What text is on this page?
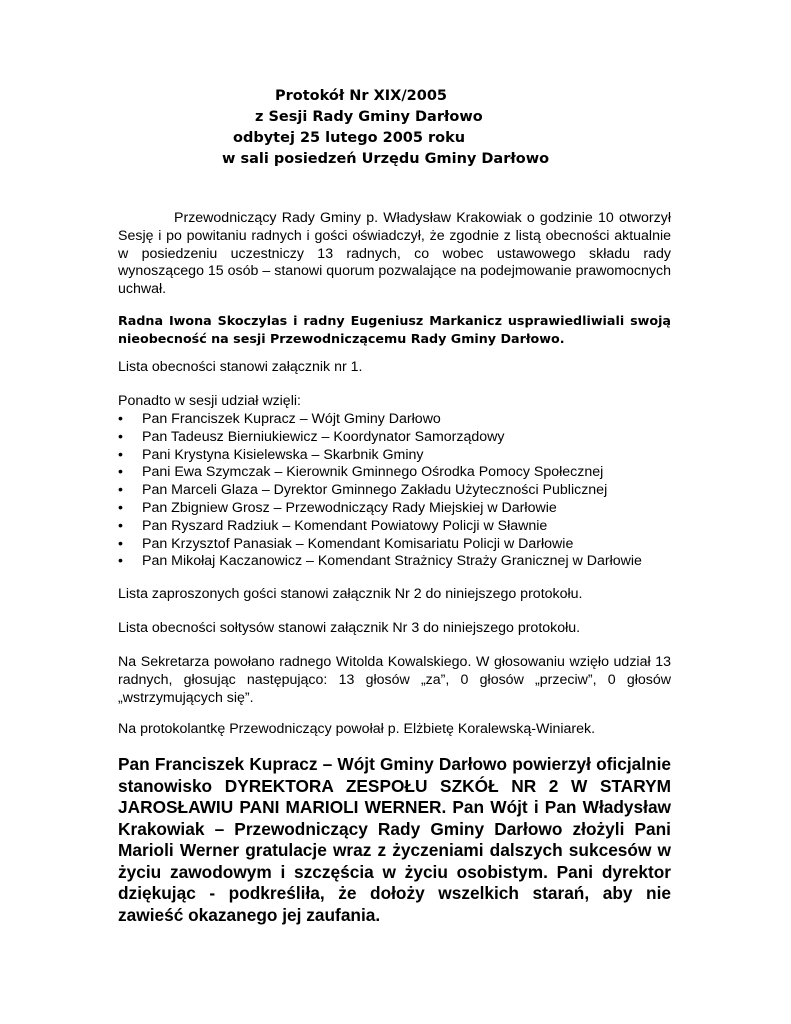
Protokół Nr XIX/2005
z Sesji Rady Gminy Darłowo
odbytej 25 lutego 2005 roku
w sali posiedzeń Urzędu Gminy Darłowo
Przewodniczący Rady Gminy p. Władysław Krakowiak o godzinie 10 otworzył Sesję i po powitaniu radnych i gości oświadczył, że zgodnie z listą obecności aktualnie w posiedzeniu uczestniczy 13 radnych, co wobec ustawowego składu rady wynoszącego 15 osób – stanowi quorum pozwalające na podejmowanie prawomocnych uchwał.
Radna Iwona Skoczylas i radny Eugeniusz Markanicz usprawiedliwiali swoją nieobecność na sesji Przewodniczącemu Rady Gminy Darłowo.
Lista obecności stanowi załącznik nr 1.
Ponadto w sesji udział wzięli:
• Pan Franciszek Kupracz – Wójt Gminy Darłowo
• Pan Tadeusz Bierniukiewicz – Koordynator Samorządowy
• Pani Krystyna Kisielewska – Skarbnik Gminy
• Pani Ewa Szymczak – Kierownik Gminnego Ośrodka Pomocy Społecznej
• Pan Marceli Glaza – Dyrektor Gminnego Zakładu Użyteczności Publicznej
• Pan Zbigniew Grosz – Przewodniczący Rady Miejskiej w Darłowie
• Pan Ryszard Radziuk – Komendant Powiatowy Policji w Sławnie
• Pan Krzysztof Panasiak – Komendant Komisariatu Policji w Darłowie
• Pan Mikołaj Kaczanowicz – Komendant Strażnicy Straży Granicznej w Darłowie
Lista zaproszonych gości stanowi załącznik Nr 2 do niniejszego protokołu.
Lista obecności sołtysów stanowi załącznik Nr 3 do niniejszego protokołu.
Na Sekretarza powołano radnego Witolda Kowalskiego. W głosowaniu wzięło udział 13 radnych, głosując następująco: 13 głosów „za”, 0 głosów „przeciw”, 0 głosów „wstrzymujących się”.
Na protokolantkę Przewodniczący powołał p. Elżbietę Koralewską-Winiarek.
Pan Franciszek Kupracz – Wójt Gminy Darłowo powierzył oficjalnie stanowisko DYREKTORA ZESPOŁU SZKÓŁ NR 2 W STARYM JAROSŁAWIU PANI MARIOLI WERNER. Pan Wójt i Pan Władysław Krakowiak – Przewodniczący Rady Gminy Darłowo złożyli Pani Marioli Werner gratulacje wraz z życzeniami dalszych sukcesów w życiu zawodowym i szczęścia w życiu osobistym. Pani dyrektor dziękując - podkreśliła, że dołoży wszelkich starań, aby nie zawieść okazanego jej zaufania.
